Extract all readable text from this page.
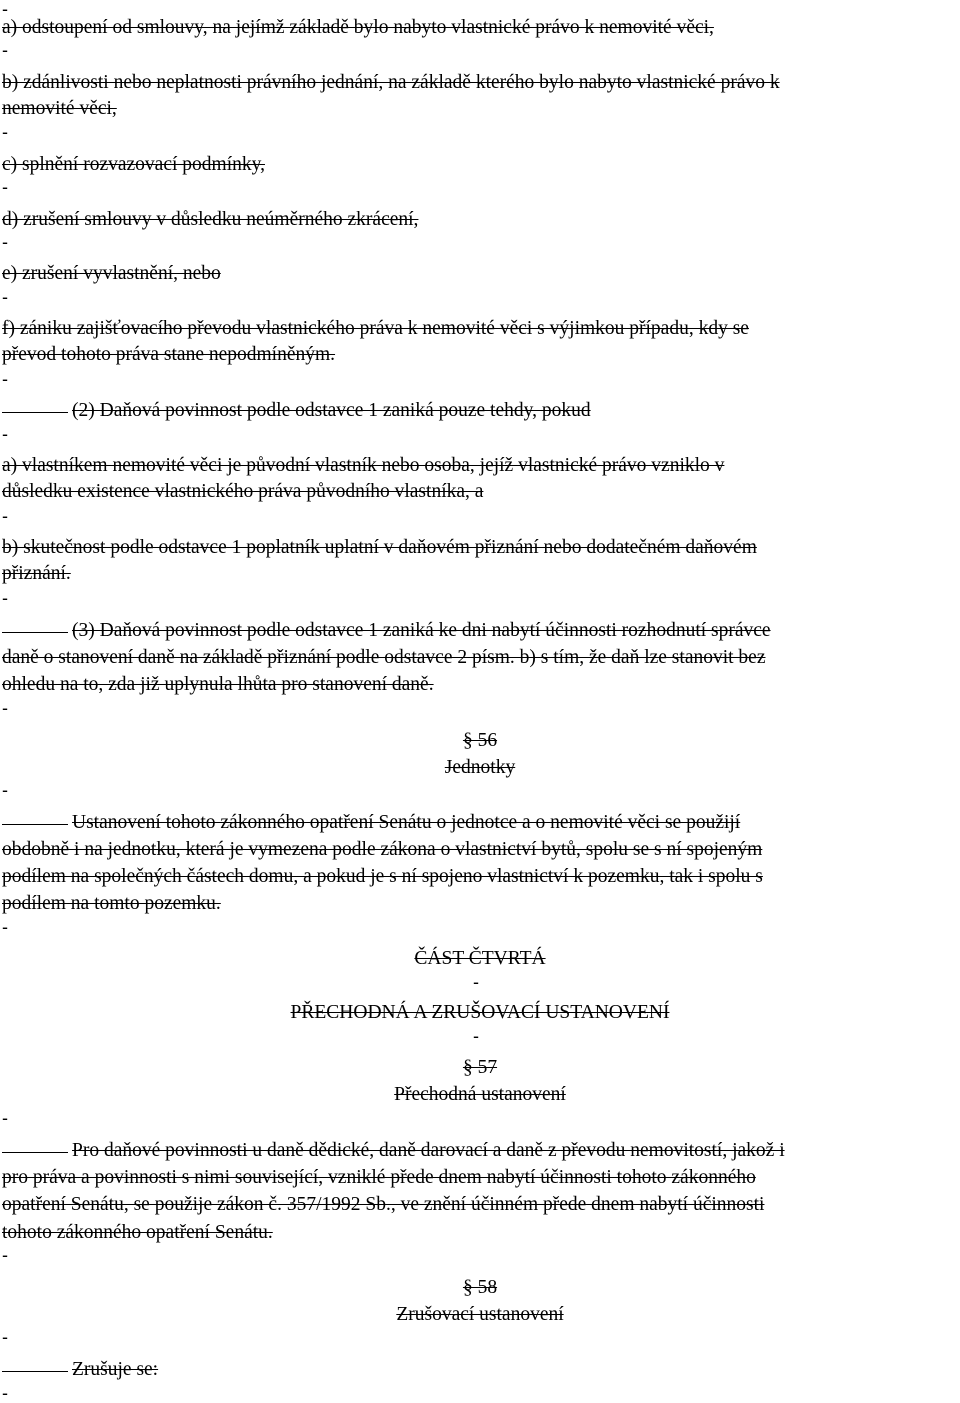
-
a) odstoupení od smlouvy, na jejímž základě bylo nabyto vlastnické právo k nemovité věci,
-
b) zdánlivosti nebo neplatnosti právního jednání, na základě kterého bylo nabyto vlastnické právo k
nemovité věci,
-
c) splnění rozvazovací podmínky,
-
d) zrušení smlouvy v důsledku neúměrného zkrácení,
-
e) zrušení vyvlastnění, nebo
-
f) zániku zajišťovacího převodu vlastnického práva k nemovité věci s výjimkou případu, kdy se
převod tohoto práva stane nepodmíněným.
-
(2) Daňová povinnost podle odstavce 1 zaniká pouze tehdy, pokud
-
a) vlastníkem nemovité věci je původní vlastník nebo osoba, jejíž vlastnické právo vzniklo v
důsledku existence vlastnického práva původního vlastníka, a
-
b) skutečnost podle odstavce 1 poplatník uplatní v daňovém přiznání nebo dodatečném daňovém
přiznání.
-
(3) Daňová povinnost podle odstavce 1 zaniká ke dni nabytí účinnosti rozhodnutí správce
daně o stanovení daně na základě přiznání podle odstavce 2 písm. b) s tím, že daň lze stanovit bez
ohledu na to, zda již uplynula lhůta pro stanovení daně.
-
§ 56
Jednotky
-
Ustanovení tohoto zákonného opatření Senátu o jednotce a o nemovité věci se použijí
obdobně i na jednotku, která je vymezena podle zákona o vlastnictví bytů, spolu se s ní spojeným
podílem na společných částech domu, a pokud je s ní spojeno vlastnictví k pozemku, tak i spolu s
podílem na tomto pozemku.
-
ČÁST ČTVRTÁ
-
PŘECHODNÁ A ZRUŠOVACÍ USTANOVENÍ
-
§ 57
Přechodná ustanovení
-
Pro daňové povinnosti u daně dědické, daně darovací a daně z převodu nemovitostí, jakož i
pro práva a povinnosti s nimi související, vzniklé přede dnem nabytí účinnosti tohoto zákonného
opatření Senátu, se použije zákon č. 357/1992 Sb., ve znění účinném přede dnem nabytí účinnosti
tohoto zákonného opatření Senátu.
-
§ 58
Zrušovací ustanovení
-
Zrušuje se:
-
